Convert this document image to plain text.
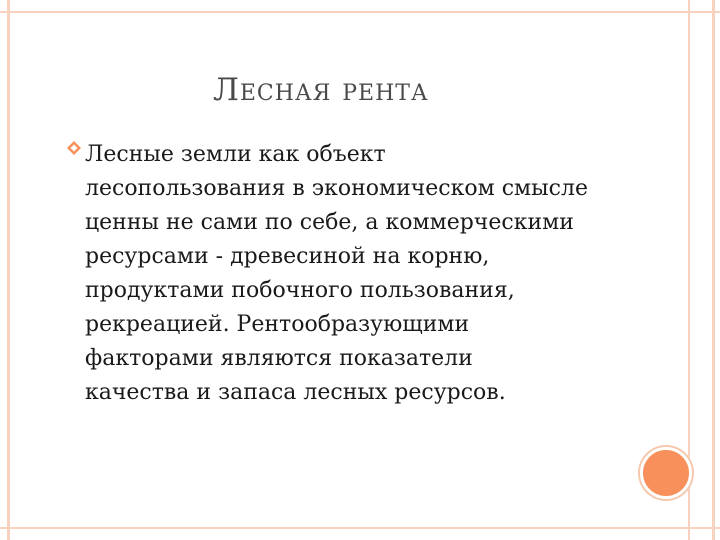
Лесная рента
Лесные земли как объект
лесопользования в экономическом смысле
ценны не сами по себе, а коммерческими
ресурсами - древесиной на корню,
продуктами побочного пользования,
рекреацией. Рентообразующими
факторами являются показатели
качества и запаса лесных ресурсов.
